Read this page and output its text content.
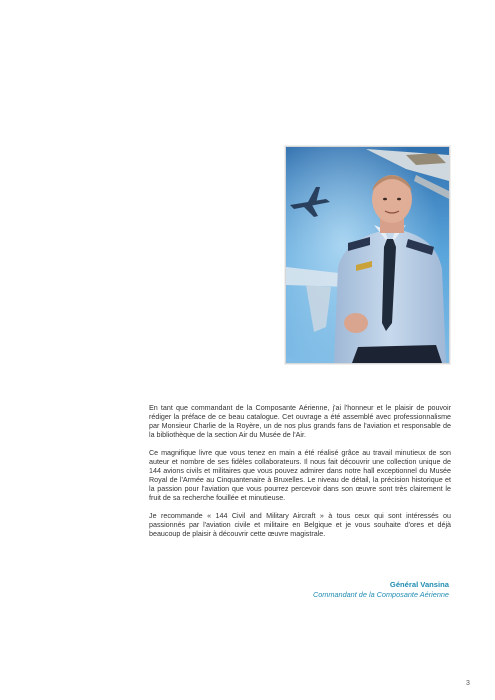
En tant que commandant de la Composante Aérienne, j'ai l'honneur et le plaisir de pouvoir rédiger la préface de ce beau catalogue. Cet ouvrage a été assemblé avec professionnalisme par Monsieur Charlie de la Royère, un de nos plus grands fans de l'aviation et responsable de la bibliothèque de la section Air du Musée de l'Air.

Ce magnifique livre que vous tenez en main a été réalisé grâce au travail minutieux de son auteur et nombre de ses fidèles collaborateurs. Il nous fait découvrir une collection unique de 144 avions civils et militaires que vous pouvez admirer dans notre hall exceptionnel du Musée Royal de l'Armée au Cinquantenaire à Bruxelles. Le niveau de détail, la précision historique et la passion pour l'aviation que vous pourrez percevoir dans son œuvre sont très clairement le fruit de sa recherche fouillée et minutieuse.

Je recommande « 144 Civil and Military Aircraft » à tous ceux qui sont intéressés ou passionnés par l'aviation civile et militaire en Belgique et je vous souhaite d'ores et déjà beaucoup de plaisir à découvrir cette œuvre magistrale.

Général Vansina
Commandant de la Composante Aérienne
3
